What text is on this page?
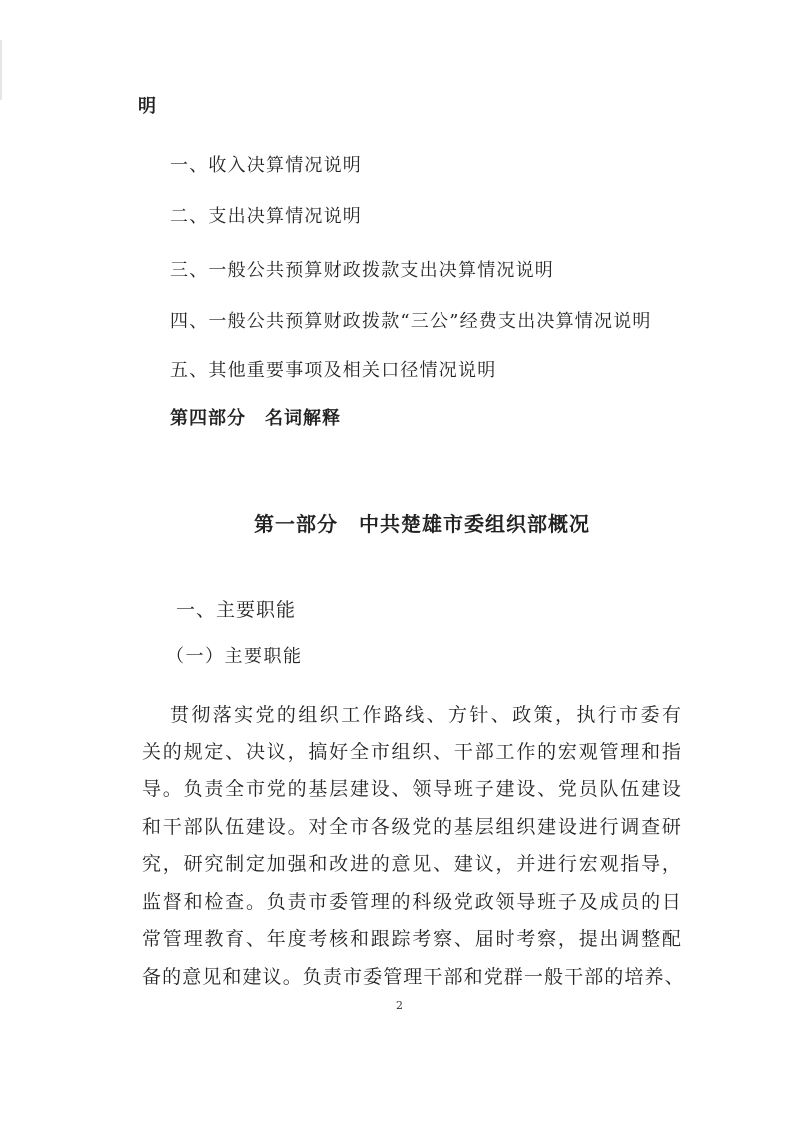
明
一、收入决算情况说明
二、支出决算情况说明
三、一般公共预算财政拨款支出决算情况说明
四、一般公共预算财政拨款“三公”经费支出决算情况说明
五、其他重要事项及相关口径情况说明
第四部分　名词解释
第一部分　中共楚雄市委组织部概况
一、主要职能
（一）主要职能
贯彻落实党的组织工作路线、方针、政策，执行市委有
关的规定、决议，搞好全市组织、干部工作的宏观管理和指
导。负责全市党的基层建设、领导班子建设、党员队伍建设
和干部队伍建设。对全市各级党的基层组织建设进行调查研
究，研究制定加强和改进的意见、建议，并进行宏观指导，
监督和检查。负责市委管理的科级党政领导班子及成员的日
常管理教育、年度考核和跟踪考察、届时考察，提出调整配
备的意见和建议。负责市委管理干部和党群一般干部的培养、
2
